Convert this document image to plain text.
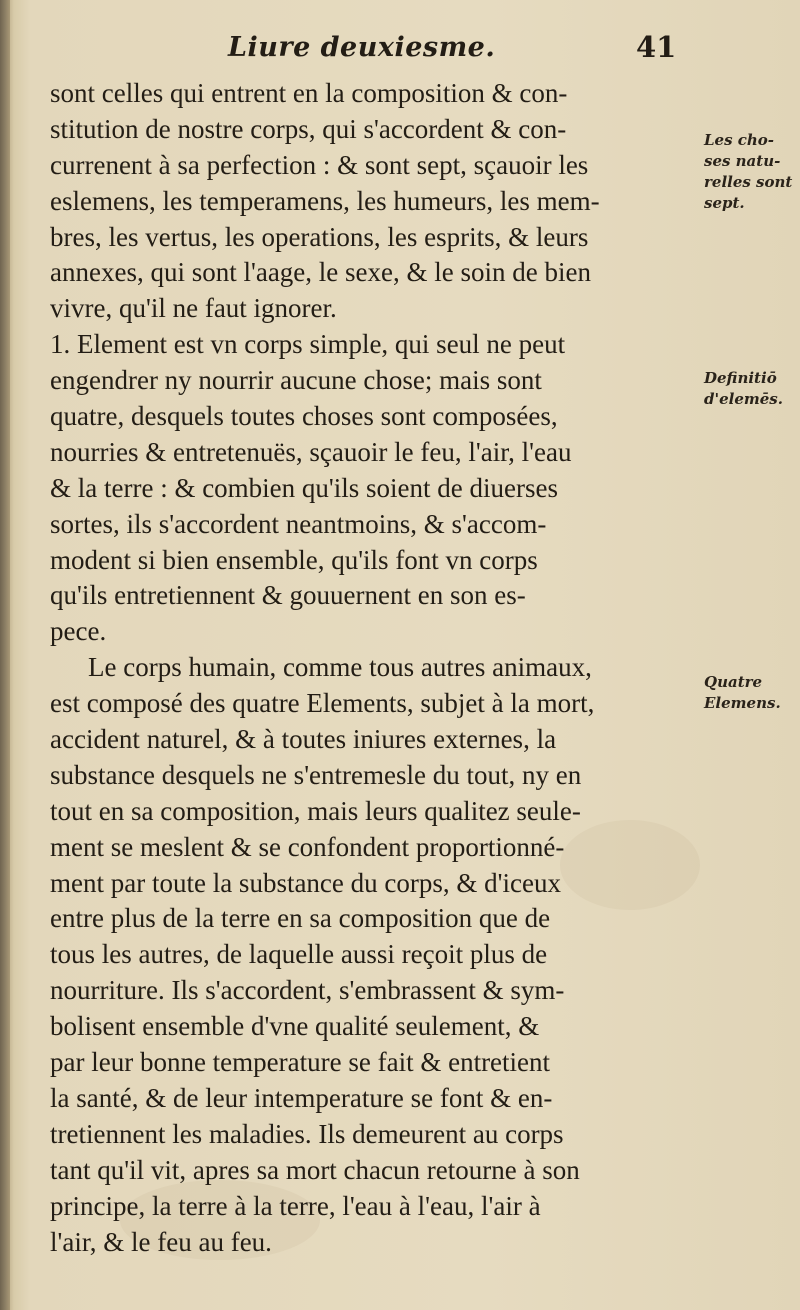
Liure deuxiesme.	41
sont celles qui entrent en la composition & con-
stitution de nostre corps, qui s'accordent & con-
currenent à sa perfection : & sont sept, sçauoir les
eslemens, les temperamens, les humeurs, les mem-
bres, les vertus, les operations, les esprits, & leurs
annexes, qui sont l'aage, le sexe, & le soin de bien
vivre, qu'il ne faut ignorer.
1. Element est vn corps simple, qui seul ne peut
engendrer ny nourrir aucune chose; mais sont
quatre, desquels toutes choses sont composées,
nourries & entretenuës, sçauoir le feu, l'air, l'eau
& la terre : & combien qu'ils soient de diuerses
sortes, ils s'accordent neantmoins, & s'accom-
modent si bien ensemble, qu'ils font vn corps
qu'ils entretiennent & gouuernent en son es-
pece.
Le corps humain, comme tous autres animaux,
est composé des quatre Elements, subjet à la mort,
accident naturel, & à toutes iniures externes, la
substance desquels ne s'entremesle du tout, ny en
tout en sa composition, mais leurs qualitez seule-
ment se meslent & se confondent proportionné-
ment par toute la substance du corps, & d'iceux
entre plus de la terre en sa composition que de
tous les autres, de laquelle aussi reçoit plus de
nourriture. Ils s'accordent, s'embrassent & sym-
bolisent ensemble d'vne qualité seulement, &
par leur bonne temperature se fait & entretient
la santé, & de leur intemperature se font & en-
tretiennent les maladies. Ils demeurent au corps
tant qu'il vit, apres sa mort chacun retourne à son
principe, la terre à la terre, l'eau à l'eau, l'air à
l'air, & le feu au feu.
Les cho-
ses natu-
relles sont
sept.
Definitiō
d'elemēs.
Quatre
Elemens.
